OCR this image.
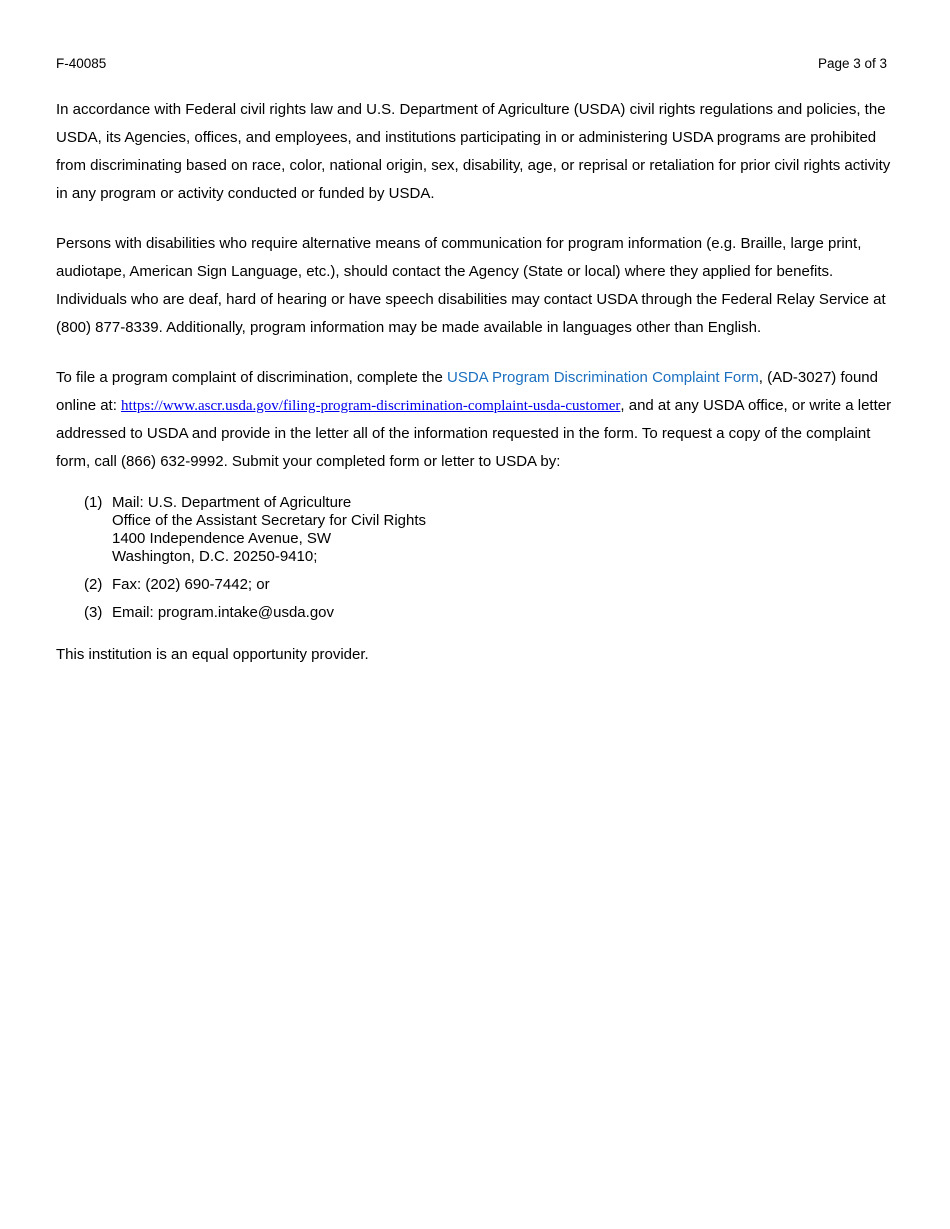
F-40085	Page 3 of 3

In accordance with Federal civil rights law and U.S. Department of Agriculture (USDA) civil rights regulations and policies, the USDA, its Agencies, offices, and employees, and institutions participating in or administering USDA programs are prohibited from discriminating based on race, color, national origin, sex, disability, age, or reprisal or retaliation for prior civil rights activity in any program or activity conducted or funded by USDA.

Persons with disabilities who require alternative means of communication for program information (e.g. Braille, large print, audiotape, American Sign Language, etc.), should contact the Agency (State or local) where they applied for benefits. Individuals who are deaf, hard of hearing or have speech disabilities may contact USDA through the Federal Relay Service at (800) 877-8339. Additionally, program information may be made available in languages other than English.

To file a program complaint of discrimination, complete the USDA Program Discrimination Complaint Form, (AD-3027) found online at: https://www.ascr.usda.gov/filing-program-discrimination-complaint-usda-customer, and at any USDA office, or write a letter addressed to USDA and provide in the letter all of the information requested in the form. To request a copy of the complaint form, call (866) 632-9992. Submit your completed form or letter to USDA by:

(1) Mail: U.S. Department of Agriculture
Office of the Assistant Secretary for Civil Rights
1400 Independence Avenue, SW
Washington, D.C. 20250-9410;
(2) Fax: (202) 690-7442; or
(3) Email: program.intake@usda.gov
This institution is an equal opportunity provider.
